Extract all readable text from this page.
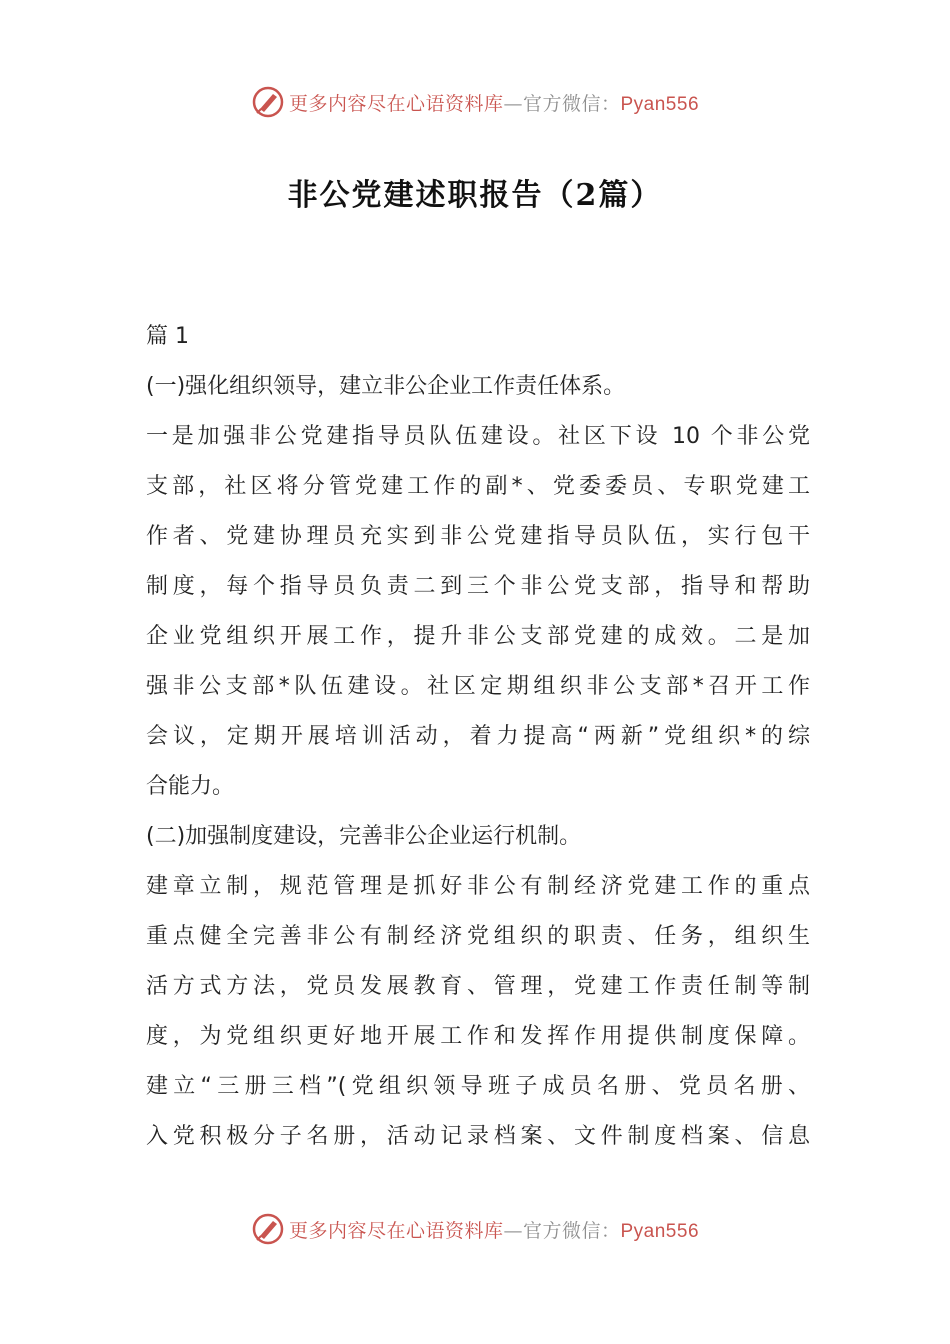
更多内容尽在心语资料库—官方微信：Pyan556
非公党建述职报告（2篇）
篇 1
(一)强化组织领导，建立非公企业工作责任体系。
一是加强非公党建指导员队伍建设。社区下设 10 个非公党
支部，社区将分管党建工作的副*、党委委员、专职党建工
作者、党建协理员充实到非公党建指导员队伍，实行包干
制度，每个指导员负责二到三个非公党支部，指导和帮助
企业党组织开展工作，提升非公支部党建的成效。二是加
强非公支部*队伍建设。社区定期组织非公支部*召开工作
会议，定期开展培训活动，着力提高“两新”党组织*的综
合能力。
(二)加强制度建设，完善非公企业运行机制。
建章立制，规范管理是抓好非公有制经济党建工作的重点
重点健全完善非公有制经济党组织的职责、任务，组织生
活方式方法，党员发展教育、管理，党建工作责任制等制
度，为党组织更好地开展工作和发挥作用提供制度保障。
建立“三册三档”(党组织领导班子成员名册、党员名册、
入党积极分子名册，活动记录档案、文件制度档案、信息
更多内容尽在心语资料库—官方微信：Pyan556
